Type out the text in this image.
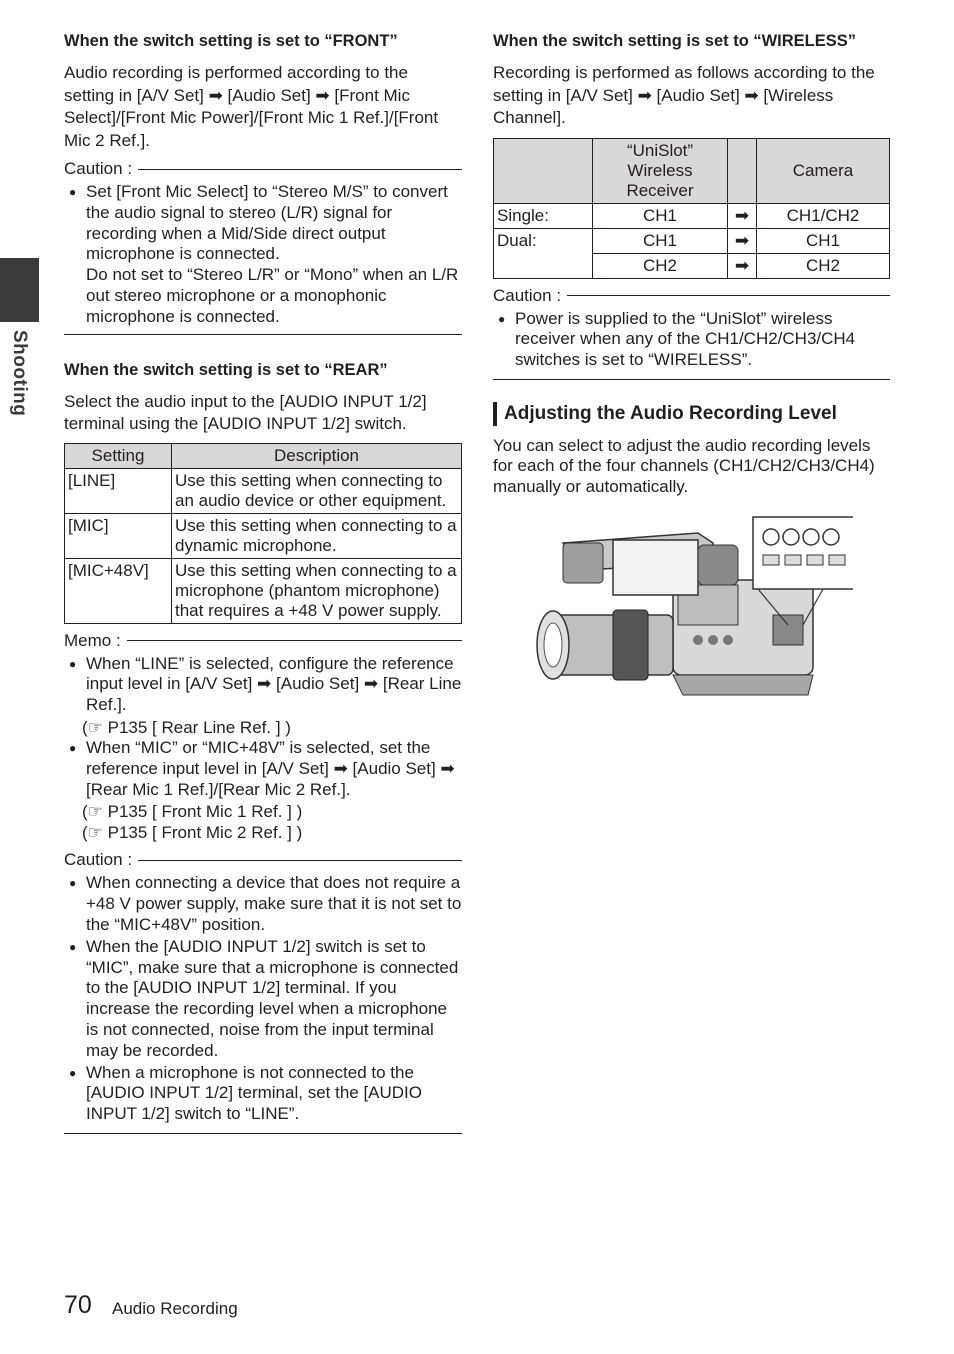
Shooting
When the switch setting is set to “FRONT”

Audio recording is performed according to the setting in [A/V Set] ➡ [Audio Set] ➡ [Front Mic Select]/[Front Mic Power]/[Front Mic 1 Ref.]/[Front Mic 2 Ref.].

Caution :
● Set [Front Mic Select] to “Stereo M/S” to convert the audio signal to stereo (L/R) signal for recording when a Mid/Side direct output microphone is connected.
Do not set to “Stereo L/R” or “Mono” when an L/R out stereo microphone or a monophonic microphone is connected.
When the switch setting is set to “REAR”

Select the audio input to the [AUDIO INPUT 1/2] terminal using the [AUDIO INPUT 1/2] switch.

Setting	Description
[LINE]	Use this setting when connecting to an audio device or other equipment.
[MIC]	Use this setting when connecting to a dynamic microphone.
[MIC+48V]	Use this setting when connecting to a microphone (phantom microphone) that requires a +48 V power supply.
Memo :
● When “LINE” is selected, configure the reference input level in [A/V Set] ➡ [Audio Set] ➡ [Rear Line Ref.].
(☞ P135 [ Rear Line Ref. ] )
● When “MIC” or “MIC+48V” is selected, set the reference input level in [A/V Set] ➡ [Audio Set] ➡ [Rear Mic 1 Ref.]/[Rear Mic 2 Ref.].
(☞ P135 [ Front Mic 1 Ref. ] )
(☞ P135 [ Front Mic 2 Ref. ] )
Caution :
● When connecting a device that does not require a +48 V power supply, make sure that it is not set to the “MIC+48V” position.
● When the [AUDIO INPUT 1/2] switch is set to “MIC”, make sure that a microphone is connected to the [AUDIO INPUT 1/2] terminal. If you increase the recording level when a microphone is not connected, noise from the input terminal may be recorded.
● When a microphone is not connected to the [AUDIO INPUT 1/2] terminal, set the [AUDIO INPUT 1/2] switch to “LINE”.
When the switch setting is set to “WIRELESS”

Recording is performed as follows according to the setting in [A/V Set] ➡ [Audio Set] ➡ [Wireless Channel].

	“UniSlot” Wireless Receiver		Camera
Single:	CH1	➡	CH1/CH2
Dual:	CH1	➡	CH1
	CH2	➡	CH2
Caution :
● Power is supplied to the “UniSlot” wireless receiver when any of the CH1/CH2/CH3/CH4 switches is set to “WIRELESS”.
Adjusting the Audio Recording Level

You can select to adjust the audio recording levels for each of the four channels (CH1/CH2/CH3/CH4) manually or automatically.

70 Audio Recording
